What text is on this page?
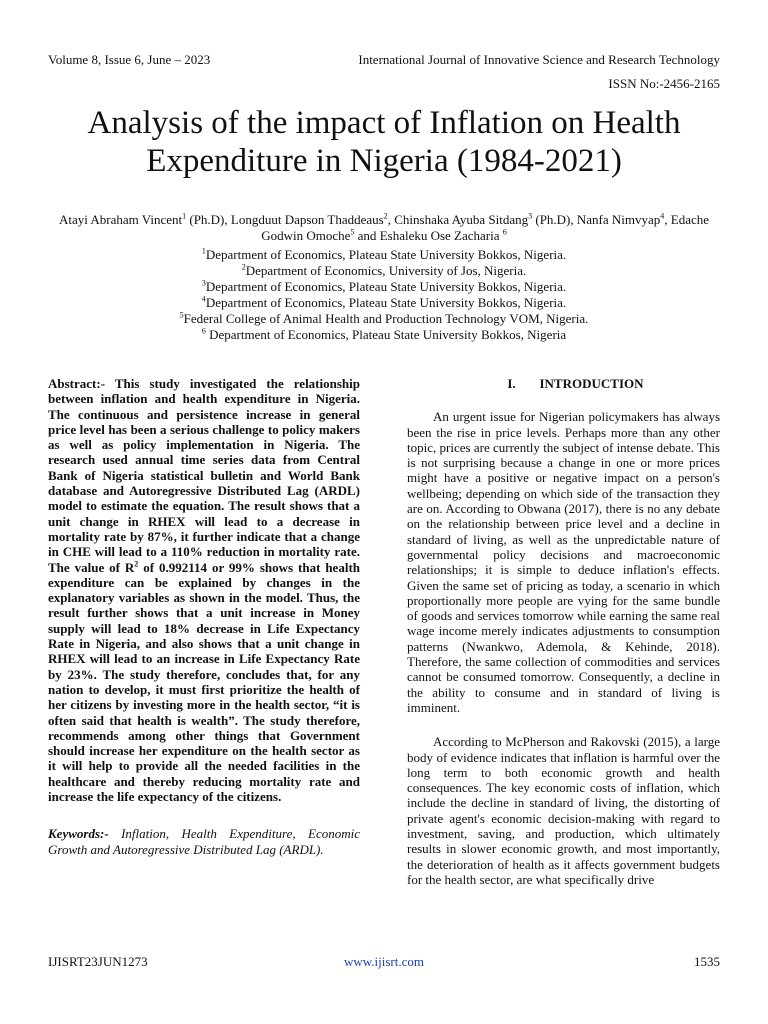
Volume 8, Issue 6, June – 2023	International Journal of Innovative Science and Research Technology
ISSN No:-2456-2165
Analysis of the impact of Inflation on Health Expenditure in Nigeria (1984-2021)
Atayi Abraham Vincent$^1$ (Ph.D), Longduut Dapson Thaddeaus$^2$, Chinshaka Ayuba Sitdang$^3$ (Ph.D), Nanfa Nimvyap$^4$, Edache Godwin Omoche$^5$ and Eshaleku Ose Zacharia $^6$
$^1$Department of Economics, Plateau State University Bokkos, Nigeria.
$^2$Department of Economics, University of Jos, Nigeria.
$^3$Department of Economics, Plateau State University Bokkos, Nigeria.
$^4$Department of Economics, Plateau State University Bokkos, Nigeria.
$^5$Federal College of Animal Health and Production Technology VOM, Nigeria.
$^6$ Department of Economics, Plateau State University Bokkos, Nigeria

Abstract:- This study investigated the relationship between inflation and health expenditure in Nigeria. The continuous and persistence increase in general price level has been a serious challenge to policy makers as well as policy implementation in Nigeria. The research used annual time series data from Central Bank of Nigeria statistical bulletin and World Bank database and Autoregressive Distributed Lag (ARDL) model to estimate the equation. The result shows that a unit change in RHEX will lead to a decrease in mortality rate by 87%, it further indicate that a change in CHE will lead to a 110% reduction in mortality rate. The value of $R^2$ of 0.992114 or 99% shows that health expenditure can be explained by changes in the explanatory variables as shown in the model. Thus, the result further shows that a unit increase in Money supply will lead to 18% decrease in Life Expectancy Rate in Nigeria, and also shows that a unit change in RHEX will lead to an increase in Life Expectancy Rate by 23%. The study therefore, concludes that, for any nation to develop, it must first prioritize the health of her citizens by investing more in the health sector, “it is often said that health is wealth”. The study therefore, recommends among other things that Government should increase her expenditure on the health sector as it will help to provide all the needed facilities in the healthcare and thereby reducing mortality rate and increase the life expectancy of the citizens.

Keywords:- Inflation, Health Expenditure, Economic Growth and Autoregressive Distributed Lag (ARDL).
I. INTRODUCTION

An urgent issue for Nigerian policymakers has always been the rise in price levels. Perhaps more than any other topic, prices are currently the subject of intense debate. This is not surprising because a change in one or more prices might have a positive or negative impact on a person's wellbeing; depending on which side of the transaction they are on. According to Obwana (2017), there is no any debate on the relationship between price level and a decline in standard of living, as well as the unpredictable nature of governmental policy decisions and macroeconomic relationships; it is simple to deduce inflation's effects. Given the same set of pricing as today, a scenario in which proportionally more people are vying for the same bundle of goods and services tomorrow while earning the same real wage income merely indicates adjustments to consumption patterns (Nwankwo, Ademola, & Kehinde, 2018). Therefore, the same collection of commodities and services cannot be consumed tomorrow. Consequently, a decline in the ability to consume and in standard of living is imminent.

According to McPherson and Rakovski (2015), a large body of evidence indicates that inflation is harmful over the long term to both economic growth and health consequences. The key economic costs of inflation, which include the decline in standard of living, the distorting of private agent's economic decision-making with regard to investment, saving, and production, which ultimately results in slower economic growth, and most importantly, the deterioration of health as it affects government budgets for the health sector, are what specifically drive

IJISRT23JUN1273	www.ijisrt.com	1535
